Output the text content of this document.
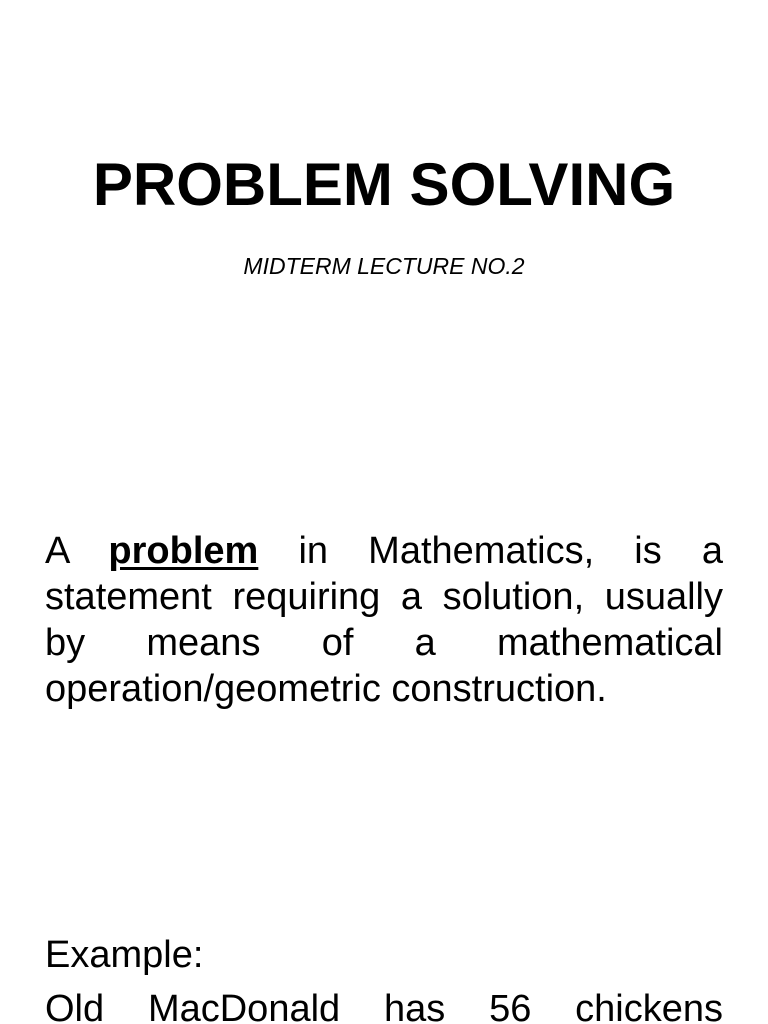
PROBLEM SOLVING

MIDTERM LECTURE NO.2

A problem in Mathematics, is a statement requiring a solution, usually by means of a mathematical operation/geometric construction.

Example:

Old MacDonald has 56 chickens
